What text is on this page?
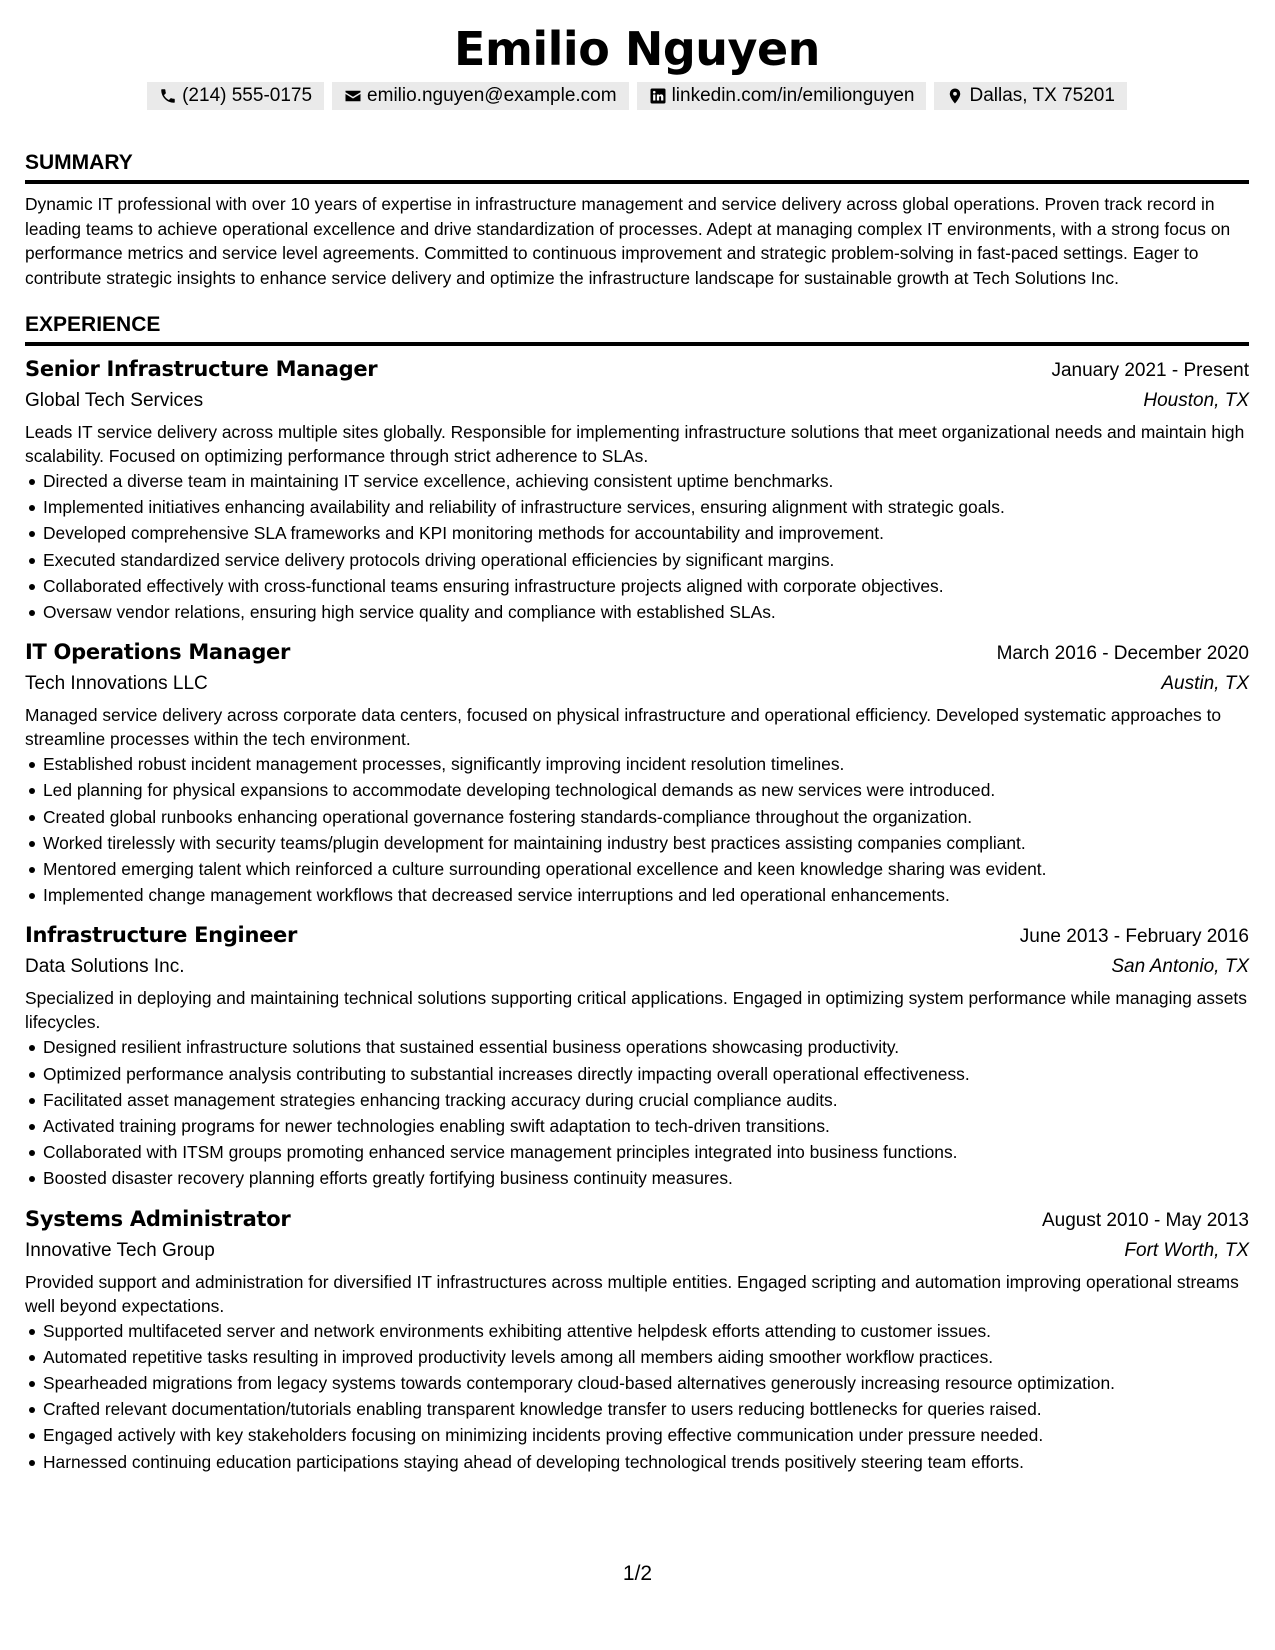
Emilio Nguyen
(214) 555-0175	emilio.nguyen@example.com	linkedin.com/in/emilionguyen	Dallas, TX 75201
SUMMARY
Dynamic IT professional with over 10 years of expertise in infrastructure management and service delivery across global operations. Proven track record in leading teams to achieve operational excellence and drive standardization of processes. Adept at managing complex IT environments, with a strong focus on performance metrics and service level agreements. Committed to continuous improvement and strategic problem-solving in fast-paced settings. Eager to contribute strategic insights to enhance service delivery and optimize the infrastructure landscape for sustainable growth at Tech Solutions Inc.
EXPERIENCE
Senior Infrastructure Manager	January 2021 - Present
Global Tech Services	Houston, TX
Leads IT service delivery across multiple sites globally. Responsible for implementing infrastructure solutions that meet organizational needs and maintain high scalability. Focused on optimizing performance through strict adherence to SLAs.
Directed a diverse team in maintaining IT service excellence, achieving consistent uptime benchmarks.
Implemented initiatives enhancing availability and reliability of infrastructure services, ensuring alignment with strategic goals.
Developed comprehensive SLA frameworks and KPI monitoring methods for accountability and improvement.
Executed standardized service delivery protocols driving operational efficiencies by significant margins.
Collaborated effectively with cross-functional teams ensuring infrastructure projects aligned with corporate objectives.
Oversaw vendor relations, ensuring high service quality and compliance with established SLAs.
IT Operations Manager	March 2016 - December 2020
Tech Innovations LLC	Austin, TX
Managed service delivery across corporate data centers, focused on physical infrastructure and operational efficiency. Developed systematic approaches to streamline processes within the tech environment.
Established robust incident management processes, significantly improving incident resolution timelines.
Led planning for physical expansions to accommodate developing technological demands as new services were introduced.
Created global runbooks enhancing operational governance fostering standards-compliance throughout the organization.
Worked tirelessly with security teams/plugin development for maintaining industry best practices assisting companies compliant.
Mentored emerging talent which reinforced a culture surrounding operational excellence and keen knowledge sharing was evident.
Implemented change management workflows that decreased service interruptions and led operational enhancements.
Infrastructure Engineer	June 2013 - February 2016
Data Solutions Inc.	San Antonio, TX
Specialized in deploying and maintaining technical solutions supporting critical applications. Engaged in optimizing system performance while managing assets lifecycles.
Designed resilient infrastructure solutions that sustained essential business operations showcasing productivity.
Optimized performance analysis contributing to substantial increases directly impacting overall operational effectiveness.
Facilitated asset management strategies enhancing tracking accuracy during crucial compliance audits.
Activated training programs for newer technologies enabling swift adaptation to tech-driven transitions.
Collaborated with ITSM groups promoting enhanced service management principles integrated into business functions.
Boosted disaster recovery planning efforts greatly fortifying business continuity measures.
Systems Administrator	August 2010 - May 2013
Innovative Tech Group	Fort Worth, TX
Provided support and administration for diversified IT infrastructures across multiple entities. Engaged scripting and automation improving operational streams well beyond expectations.
Supported multifaceted server and network environments exhibiting attentive helpdesk efforts attending to customer issues.
Automated repetitive tasks resulting in improved productivity levels among all members aiding smoother workflow practices.
Spearheaded migrations from legacy systems towards contemporary cloud-based alternatives generously increasing resource optimization.
Crafted relevant documentation/tutorials enabling transparent knowledge transfer to users reducing bottlenecks for queries raised.
Engaged actively with key stakeholders focusing on minimizing incidents proving effective communication under pressure needed.
Harnessed continuing education participations staying ahead of developing technological trends positively steering team efforts.
1/2
